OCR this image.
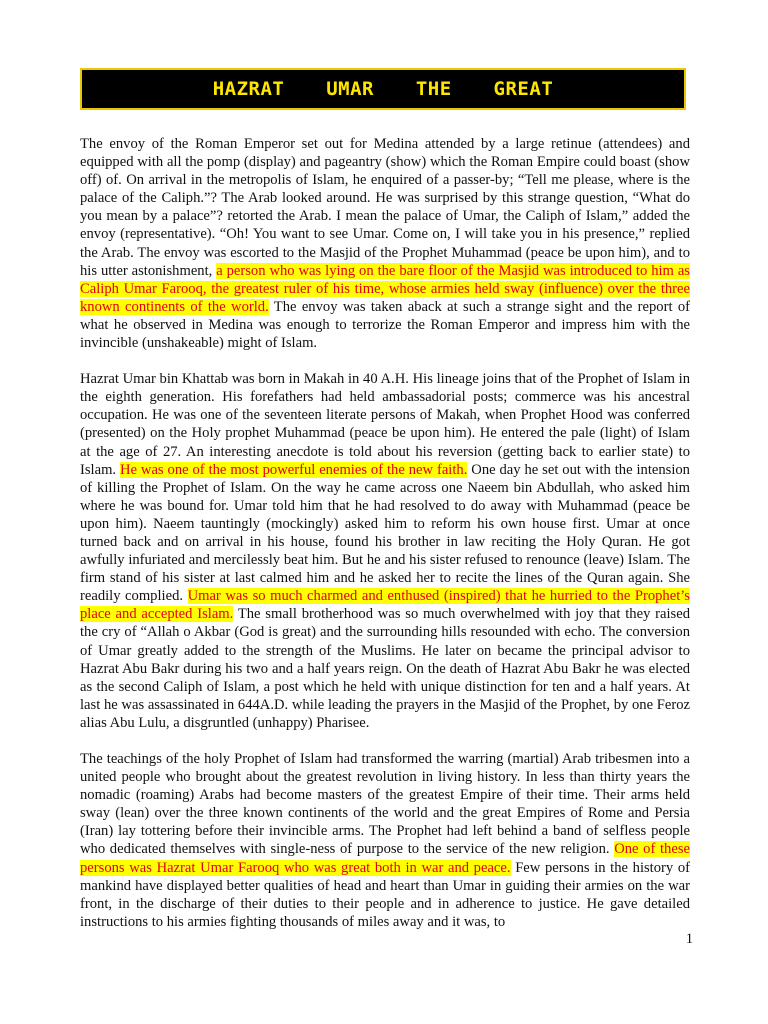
HAZRAT  UMAR  THE  GREAT

The envoy of the Roman Emperor set out for Medina attended by a large retinue (attendees) and equipped with all the pomp (display) and pageantry (show) which the Roman Empire could boast (show off) of. On arrival in the metropolis of Islam, he enquired of a passer-by; “Tell me please, where is the palace of the Caliph.”? The Arab looked around. He was surprised by this strange question, “What do you mean by a palace”? retorted the Arab. I mean the palace of Umar, the Caliph of Islam,” added the envoy (representative). “Oh! You want to see Umar. Come on, I will take you in his presence,” replied the Arab. The envoy was escorted to the Masjid of the Prophet Muhammad (peace be upon him), and to his utter astonishment, a person who was lying on the bare floor of the Masjid was introduced to him as Caliph Umar Farooq, the greatest ruler of his time, whose armies held sway (influence) over the three known continents of the world. The envoy was taken aback at such a strange sight and the report of what he observed in Medina was enough to terrorize the Roman Emperor and impress him with the invincible (unshakeable) might of Islam.

Hazrat Umar bin Khattab was born in Makah in 40 A.H. His lineage joins that of the Prophet of Islam in the eighth generation. His forefathers had held ambassadorial posts; commerce was his ancestral occupation. He was one of the seventeen literate persons of Makah, when Prophet Hood was conferred (presented) on the Holy prophet Muhammad (peace be upon him). He entered the pale (light) of Islam at the age of 27. An interesting anecdote is told about his reversion (getting back to earlier state) to Islam. He was one of the most powerful enemies of the new faith. One day he set out with the intension of killing the Prophet of Islam. On the way he came across one Naeem bin Abdullah, who asked him where he was bound for. Umar told him that he had resolved to do away with Muhammad (peace be upon him). Naeem tauntingly (mockingly) asked him to reform his own house first. Umar at once turned back and on arrival in his house, found his brother in law reciting the Holy Quran. He got awfully infuriated and mercilessly beat him. But he and his sister refused to renounce (leave) Islam. The firm stand of his sister at last calmed him and he asked her to recite the lines of the Quran again. She readily complied. Umar was so much charmed and enthused (inspired) that he hurried to the Prophet’s place and accepted Islam. The small brotherhood was so much overwhelmed with joy that they raised the cry of “Allah o Akbar (God is great) and the surrounding hills resounded with echo. The conversion of Umar greatly added to the strength of the Muslims. He later on became the principal advisor to Hazrat Abu Bakr during his two and a half years reign. On the death of Hazrat Abu Bakr he was elected as the second Caliph of Islam, a post which he held with unique distinction for ten and a half years. At last he was assassinated in 644A.D. while leading the prayers in the Masjid of the Prophet, by one Feroz alias Abu Lulu, a disgruntled (unhappy) Pharisee.

The teachings of the holy Prophet of Islam had transformed the warring (martial) Arab tribesmen into a united people who brought about the greatest revolution in living history. In less than thirty years the nomadic (roaming) Arabs had become masters of the greatest Empire of their time. Their arms held sway (lean) over the three known continents of the world and the great Empires of Rome and Persia (Iran) lay tottering before their invincible arms. The Prophet had left behind a band of selfless people who dedicated themselves with single-ness of purpose to the service of the new religion. One of these persons was Hazrat Umar Farooq who was great both in war and peace. Few persons in the history of mankind have displayed better qualities of head and heart than Umar in guiding their armies on the war front, in the discharge of their duties to their people and in adherence to justice. He gave detailed instructions to his armies fighting thousands of miles away and it was, to

1
